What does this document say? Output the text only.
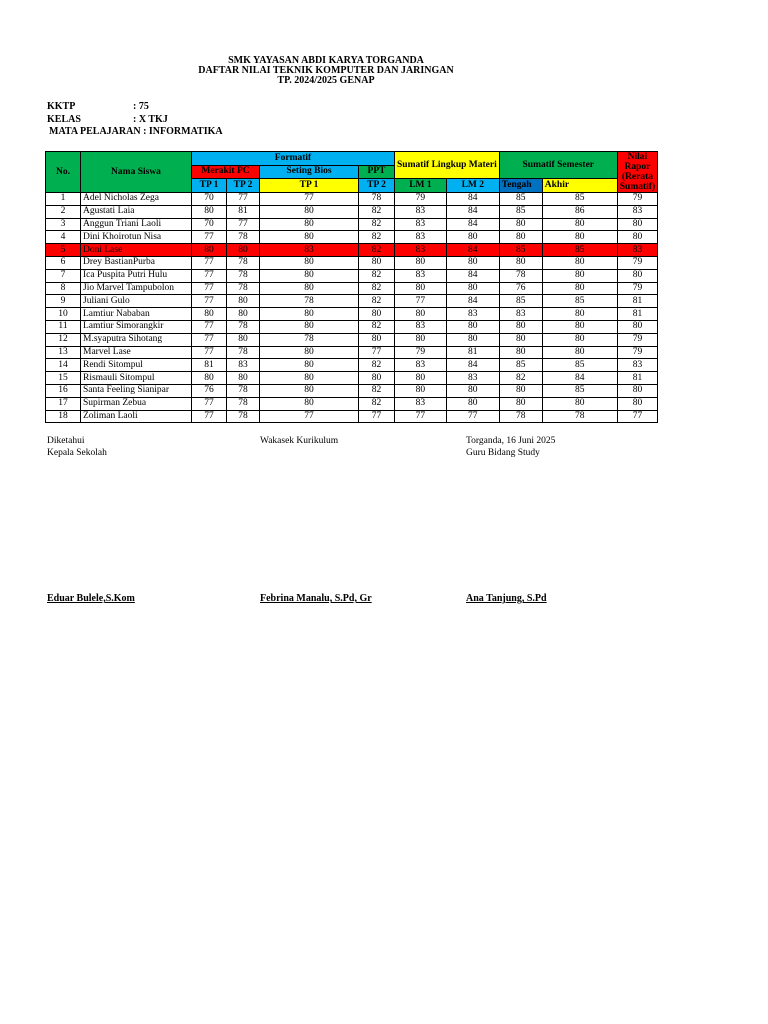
SMK YAYASAN ABDI KARYA TORGANDA
DAFTAR NILAI TEKNIK KOMPUTER DAN JARINGAN
TP. 2024/2025 GENAP
KKTP	: 75
KELAS	: X TKJ
MATA PELAJARAN : INFORMATIKA
No.	Nama Siswa	Formatif				Sumatif Lingkup Materi		Sumatif Semester		Nilai Rapor (Rerata Sumatif)
		Merakit PC		Seting Bios	PPT					
		TP 1	TP 2	TP 1	TP 2	LM 1	LM 2	Tengah	Akhir	
1	Adel Nicholas Zega	70	77	77	78	79	84	85	85	79
2	Agustati Laia	80	81	80	82	83	84	85	86	83
3	Anggun Triani Laoli	70	77	80	82	83	84	80	80	80
4	Dini Khoirotun Nisa	77	78	80	82	83	80	80	80	80
5	Doni Lase	80	80	83	82	83	84	85	85	83
6	Drey BastianPurba	77	78	80	80	80	80	80	80	79
7	Ica Puspita Putri Hulu	77	78	80	82	83	84	78	80	80
8	Jio Marvel Tampubolon	77	78	80	82	80	80	76	80	79
9	Juliani Gulo	77	80	78	82	77	84	85	85	81
10	Lamtiur Nababan	80	80	80	80	80	83	83	80	81
11	Lamtiur Simorangkir	77	78	80	82	83	80	80	80	80
12	M.syaputra Sihotang	77	80	78	80	80	80	80	80	79
13	Marvel Lase	77	78	80	77	79	81	80	80	79
14	Rendi Sitompul	81	83	80	82	83	84	85	85	83
15	Rismauli Sitompul	80	80	80	80	80	83	82	84	81
16	Santa Feeling Sianipar	76	78	80	82	80	80	80	85	80
17	Supirman Zebua	77	78	80	82	83	80	80	80	80
18	Zoliman Laoli	77	78	77	77	77	77	78	78	77
Diketahui
Kepala Sekolah
Wakasek Kurikulum	Torganda, 16 Juni 2025
Guru Bidang Study
Eduar Bulele,S.Kom	Febrina Manalu, S.Pd, Gr	Ana Tanjung, S.Pd
